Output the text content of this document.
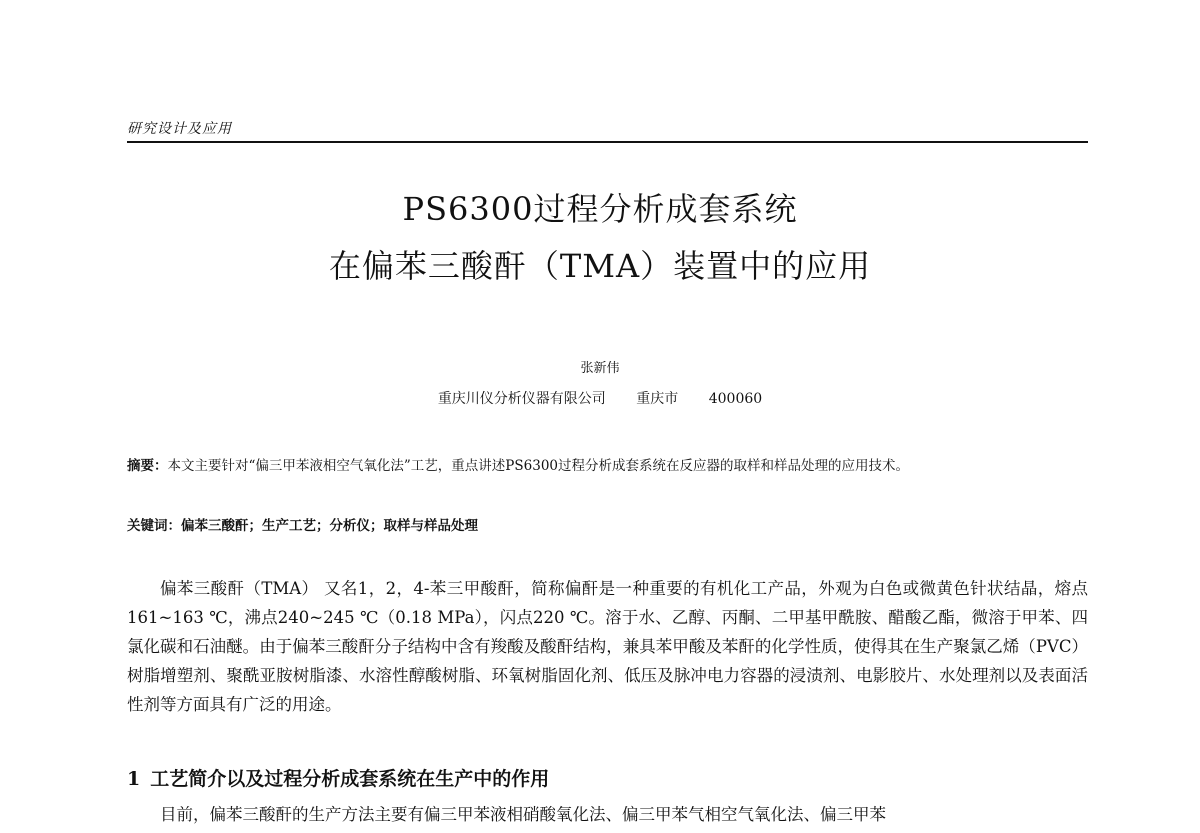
研究设计及应用
PS6300过程分析成套系统
在偏苯三酸酐（TMA）装置中的应用
张新伟
重庆川仪分析仪器有限公司 重庆市 400060
摘要：本文主要针对“偏三甲苯液相空气氧化法”工艺，重点讲述PS6300过程分析成套系统在反应器的取样和样品处理的应用技术。
关键词：偏苯三酸酐；生产工艺；分析仪；取样与样品处理
偏苯三酸酐（TMA） 又名1，2，4-苯三甲酸酐，简称偏酐是一种重要的有机化工产品，外观为白色或微黄色针状结晶，熔点161~163 ℃，沸点240~245 ℃（0.18 MPa），闪点220 ℃。溶于水、乙醇、丙酮、二甲基甲酰胺、醋酸乙酯，微溶于甲苯、四氯化碳和石油醚。由于偏苯三酸酐分子结构中含有羧酸及酸酐结构，兼具苯甲酸及苯酐的化学性质，使得其在生产聚氯乙烯（PVC）树脂增塑剂、聚酰亚胺树脂漆、水溶性醇酸树脂、环氧树脂固化剂、低压及脉冲电力容器的浸渍剂、电影胶片、水处理剂以及表面活性剂等方面具有广泛的用途。
1 工艺简介以及过程分析成套系统在生产中的作用
目前，偏苯三酸酐的生产方法主要有偏三甲苯液相硝酸氧化法、偏三甲苯气相空气氧化法、偏三甲苯
